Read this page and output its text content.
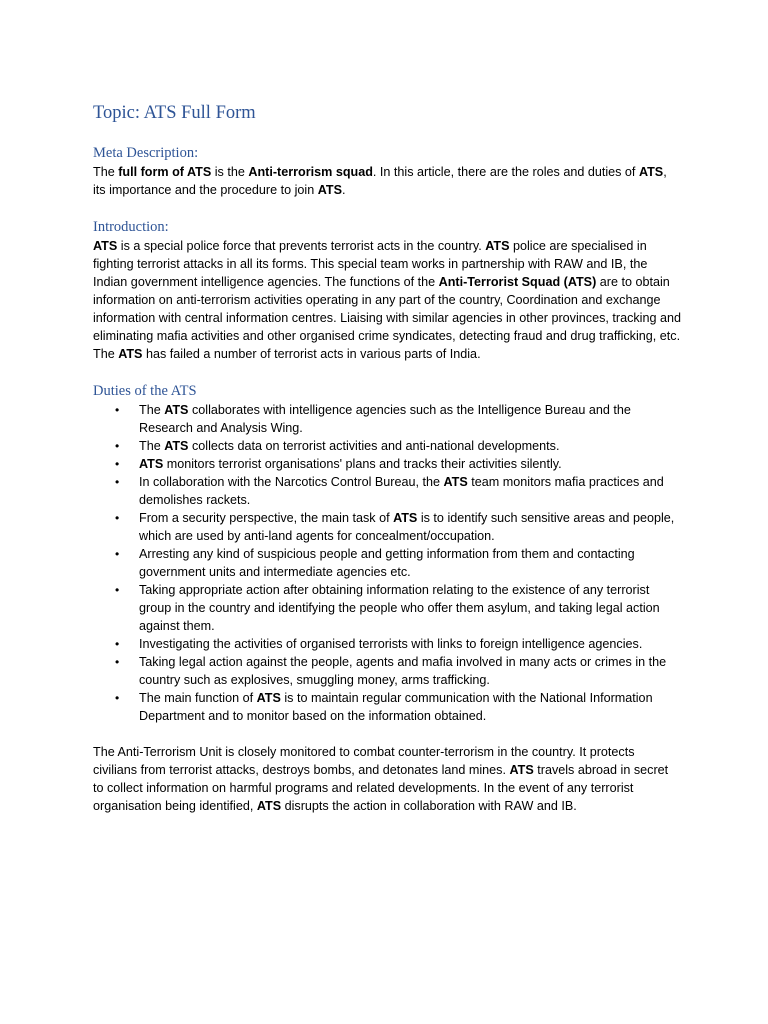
Topic: ATS Full Form
Meta Description:

The full form of ATS is the Anti-terrorism squad. In this article, there are the roles and duties of ATS, its importance and the procedure to join ATS.

Introduction:

ATS is a special police force that prevents terrorist acts in the country. ATS police are specialised in fighting terrorist attacks in all its forms. This special team works in partnership with RAW and IB, the Indian government intelligence agencies. The functions of the Anti-Terrorist Squad (ATS) are to obtain information on anti-terrorism activities operating in any part of the country, Coordination and exchange information with central information centres. Liaising with similar agencies in other provinces, tracking and eliminating mafia activities and other organised crime syndicates, detecting fraud and drug trafficking, etc. The ATS has failed a number of terrorist acts in various parts of India.

Duties of the ATS
• The ATS collaborates with intelligence agencies such as the Intelligence Bureau and the Research and Analysis Wing.
• The ATS collects data on terrorist activities and anti-national developments.
• ATS monitors terrorist organisations' plans and tracks their activities silently.
• In collaboration with the Narcotics Control Bureau, the ATS team monitors mafia practices and demolishes rackets.
• From a security perspective, the main task of ATS is to identify such sensitive areas and people, which are used by anti-land agents for concealment/occupation.
• Arresting any kind of suspicious people and getting information from them and contacting government units and intermediate agencies etc.
• Taking appropriate action after obtaining information relating to the existence of any terrorist group in the country and identifying the people who offer them asylum, and taking legal action against them.
• Investigating the activities of organised terrorists with links to foreign intelligence agencies.
• Taking legal action against the people, agents and mafia involved in many acts or crimes in the country such as explosives, smuggling money, arms trafficking.
• The main function of ATS is to maintain regular communication with the National Information Department and to monitor based on the information obtained.

The Anti-Terrorism Unit is closely monitored to combat counter-terrorism in the country. It protects civilians from terrorist attacks, destroys bombs, and detonates land mines. ATS travels abroad in secret to collect information on harmful programs and related developments. In the event of any terrorist organisation being identified, ATS disrupts the action in collaboration with RAW and IB.
